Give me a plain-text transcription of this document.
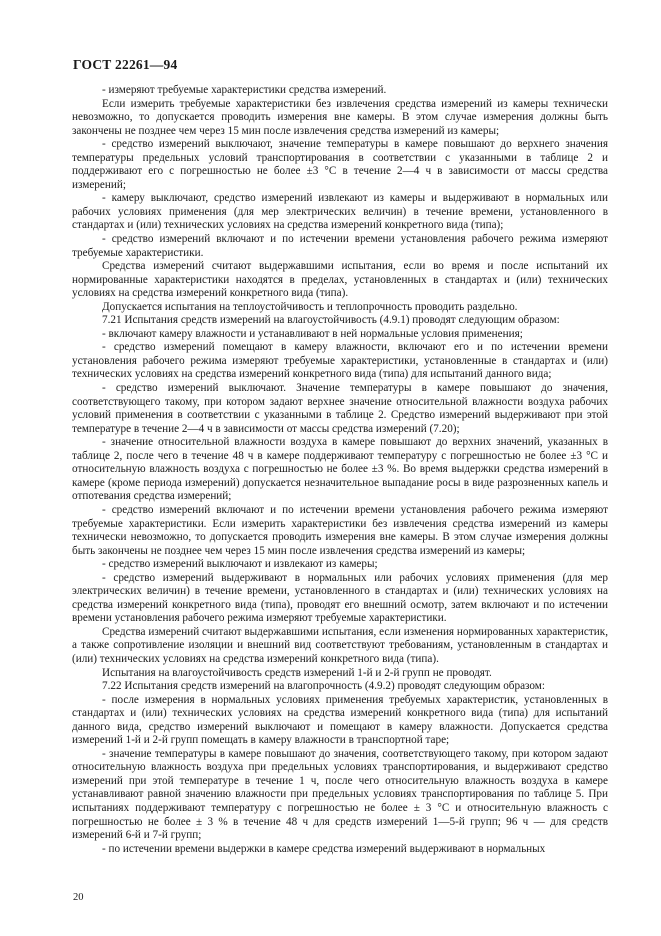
ГОСТ 22261—94

- измеряют требуемые характеристики средства измерений.

Если измерить требуемые характеристики без извлечения средства измерений из камеры технически невозможно, то допускается проводить измерения вне камеры. В этом случае измерения должны быть закончены не позднее чем через 15 мин после извлечения средства измерений из камеры;

- средство измерений выключают, значение температуры в камере повышают до верхнего значения температуры предельных условий транспортирования в соответствии с указанными в таблице 2 и поддерживают его с погрешностью не более ±3 °С в течение 2—4 ч в зависимости от массы средства измерений;

- камеру выключают, средство измерений извлекают из камеры и выдерживают в нормальных или рабочих условиях применения (для мер электрических величин) в течение времени, установленного в стандартах и (или) технических условиях на средства измерений конкретного вида (типа);

- средство измерений включают и по истечении времени установления рабочего режима измеряют требуемые характеристики.

Средства измерений считают выдержавшими испытания, если во время и после испытаний их нормированные характеристики находятся в пределах, установленных в стандартах и (или) технических условиях на средства измерений конкретного вида (типа).

Допускается испытания на теплоустойчивость и теплопрочность проводить раздельно.

7.21 Испытания средств измерений на влагоустойчивость (4.9.1) проводят следующим образом:

- включают камеру влажности и устанавливают в ней нормальные условия применения;

- средство измерений помещают в камеру влажности, включают его и по истечении времени установления рабочего режима измеряют требуемые характеристики, установленные в стандартах и (или) технических условиях на средства измерений конкретного вида (типа) для испытаний данного вида;

- средство измерений выключают. Значение температуры в камере повышают до значения, соответствующего такому, при котором задают верхнее значение относительной влажности воздуха рабочих условий применения в соответствии с указанными в таблице 2. Средство измерений выдерживают при этой температуре в течение 2—4 ч в зависимости от массы средства измерений (7.20);

- значение относительной влажности воздуха в камере повышают до верхних значений, указанных в таблице 2, после чего в течение 48 ч в камере поддерживают температуру с погрешностью не более ±3 °С и относительную влажность воздуха с погрешностью не более ±3 %. Во время выдержки средства измерений в камере (кроме периода измерений) допускается незначительное выпадание росы в виде разрозненных капель и отпотевания средства измерений;

- средство измерений включают и по истечении времени установления рабочего режима измеряют требуемые характеристики. Если измерить характеристики без извлечения средства измерений из камеры технически невозможно, то допускается проводить измерения вне камеры. В этом случае измерения должны быть закончены не позднее чем через 15 мин после извлечения средства измерений из камеры;

- средство измерений выключают и извлекают из камеры;

- средство измерений выдерживают в нормальных или рабочих условиях применения (для мер электрических величин) в течение времени, установленного в стандартах и (или) технических условиях на средства измерений конкретного вида (типа), проводят его внешний осмотр, затем включают и по истечении времени установления рабочего режима измеряют требуемые характеристики.

Средства измерений считают выдержавшими испытания, если изменения нормированных характеристик, а также сопротивление изоляции и внешний вид соответствуют требованиям, установленным в стандартах и (или) технических условиях на средства измерений конкретного вида (типа).

Испытания на влагоустойчивость средств измерений 1-й и 2-й групп не проводят.

7.22 Испытания средств измерений на влагопрочность (4.9.2) проводят следующим образом:

- после измерения в нормальных условиях применения требуемых характеристик, установленных в стандартах и (или) технических условиях на средства измерений конкретного вида (типа) для испытаний данного вида, средство измерений выключают и помещают в камеру влажности. Допускается средства измерений 1-й и 2-й групп помещать в камеру влажности в транспортной таре;

- значение температуры в камере повышают до значения, соответствующего такому, при котором задают относительную влажность воздуха при предельных условиях транспортирования, и выдерживают средство измерений при этой температуре в течение 1 ч, после чего относительную влажность воздуха в камере устанавливают равной значению влажности при предельных условиях транспортирования по таблице 5. При испытаниях поддерживают температуру с погрешностью не более ± 3 °С и относительную влажность с погрешностью не более ± 3 % в течение 48 ч для средств измерений 1—5-й групп; 96 ч — для средств измерений 6-й и 7-й групп;

- по истечении времени выдержки в камере средства измерений выдерживают в нормальных

20
